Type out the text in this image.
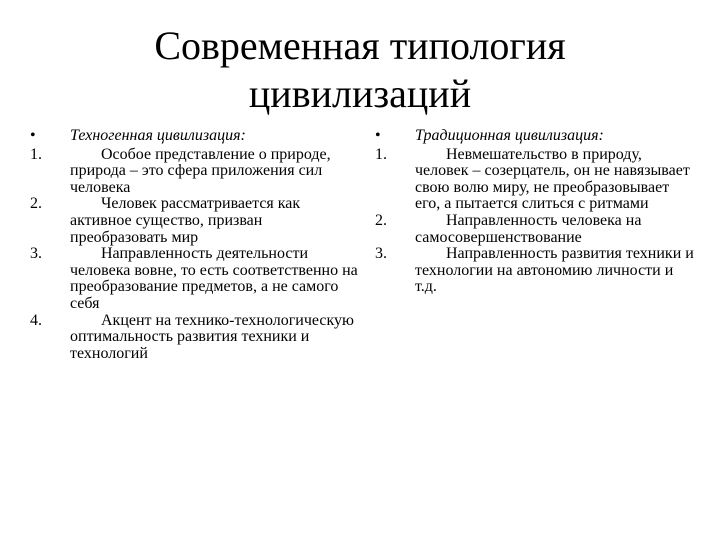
Современная типология цивилизаций
• Техногенная цивилизация:
1.	Особое представление о природе, природа – это сфера приложения сил человека
2.	Человек рассматривается как активное существо, призван преобразовать мир
3.	Направленность деятельности человека вовне, то есть соответственно на преобразование предметов, а не самого себя
4.	Акцент на технико-технологическую оптимальность развития техники и технологий
• Традиционная цивилизация:
1.	Невмешательство в природу, человек – созерцатель, он не навязывает свою волю миру, не преобразовывает его, а пытается слиться с ритмами
2.	Направленность человека на самосовершенствование
3.	Направленность развития техники и технологии на автономию личности и т.д.
